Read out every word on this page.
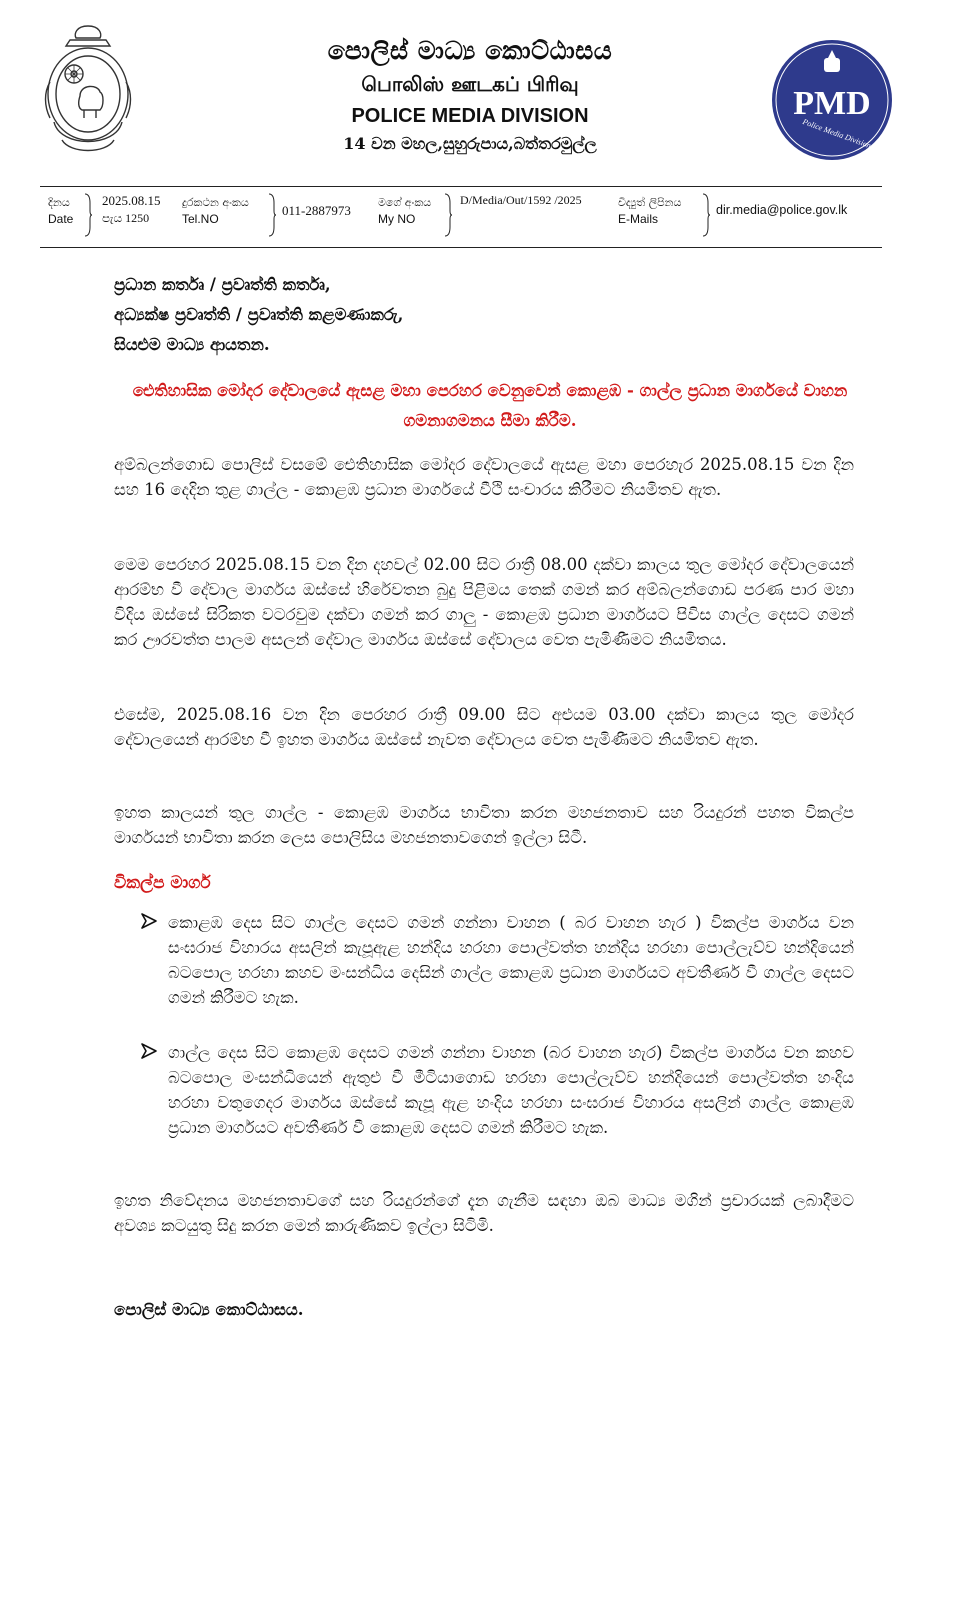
පොලිස් මාධ්‍ය කොට්ඨාසය

பொலிஸ் ஊடகப் பிரிவு

POLICE MEDIA DIVISION

14 වන මහල,සුහුරුපාය,බත්තරමුල්ල

PMD
Police Media Division
දිනය
Date
2025.08.15
පැය 1250
දුරකථන අංකය
Tel.NO
011-2887973
මගේ අංකය
My NO
D/Media/Out/1592 /2025	විද්‍යුත් ලිපිනය
E-Mails
dir.media@police.gov.lk
ප්‍රධාන කර්තෘ / ප්‍රවෘත්ති කර්තෘ,
අධ්‍යක්ෂ ප්‍රවෘත්ති / ප්‍රවෘත්ති කළමණාකරු,
සියළුම මාධ්‍ය ආයතන.
ඓතිහාසික මෝදර දේවාලයේ ඇසළ මහා පෙරහර වෙනුවෙන් කොළඹ - ගාල්ල ප්‍රධාන මාර්ගයේ වාහන ගමනාගමනය සීමා කිරීම.
අම්බලන්ගොඩ පොලිස් වසමේ ඓතිහාසික මෝදර දේවාලයේ ඇසළ මහා පෙරහැර 2025.08.15 වන දින සහ 16 දෙදින තුළ ගාල්ල - කොළඹ ප්‍රධාන මාර්ගයේ වීථි සංචාරය කිරීමට නියමිතව ඇත.
මෙම පෙරහර 2025.08.15 වන දින දහවල් 02.00 සිට රාත්‍රී 08.00 දක්වා කාලය තුල මෝදර දේවාලයෙන් ආරම්භ වී දේවාල මාර්ගය ඔස්සේ හිරේවතන බුදු පිළිමය තෙක් ගමන් කර අම්බලන්ගොඩ පරණ පාර මහා විදිය ඔස්සේ සිරිකත වටරවුම දක්වා ගමන් කර ගාලු - කොළඹ ප්‍රධාන මාර්ගයට පිවිස ගාල්ල දෙසට ගමන් කර ඌරවත්ත පාලම අසලන් දේවාල මාර්ගය ඔස්සේ දේවාලය වෙත පැමිණීමට නියමිතය.
එසේම, 2025.08.16 වන දින පෙරහර රාත්‍රී 09.00 සිට අළුයම 03.00 දක්වා කාලය තුල මෝදර දේවාලයෙන් ආරම්භ වී ඉහත මාර්ගය ඔස්සේ නැවත දේවාලය වෙත පැමිණීමට නියමිතව ඇත.
ඉහත කාලයන් තුල ගාල්ල - කොළඹ මාර්ගය භාවිතා කරන මහජනතාව සහ රියදුරන් පහත විකල්ප මාර්ගයන් භාවිතා කරන ලෙස පොලිසිය මහජනතාවගෙන් ඉල්ලා සිටී.
විකල්ප මාර්ග
කොළඹ දෙස සිට ගාල්ල දෙසට ගමන් ගන්නා වාහන ( බර වාහන හැර ) විකල්ප මාර්ගය වන සංඝරාජ විහාරය අසලින් කැපූඇළ හන්දිය හරහා පොල්වත්ත හන්දිය හරහා පොල්ලැව්ව හන්දියෙන් බටපොල හරහා කහව මංසන්ධිය දෙසින් ගාල්ල කොළඹ ප්‍රධාන මාර්ගයට අවතීර්ණ වී ගාල්ල දෙසට ගමන් කිරීමට හැක.
ගාල්ල දෙස සිට කොළඹ දෙසට ගමන් ගන්නා වාහන (බර වාහන හැර) විකල්ප මාර්ගය වන කහව බටපොල මංසන්ධියෙන් ඇතුළු වී මීටියාගොඩ හරහා පොල්ලැව්ව හන්දියෙන් පොල්වත්ත හංදිය හරහා වතුගෙදර මාර්ගය ඔස්සේ කැපූ ඇළ හංදිය හරහා සංඝරාජ විහාරය අසලින් ගාල්ල කොළඹ ප්‍රධාන මාර්ගයට අවතීර්ණ වී කොළඹ දෙසට ගමන් කිරීමට හැක.
ඉහත නිවේදනය මහජනතාවගේ සහ රියදුරන්ගේ දැන ගැනීම සඳහා ඔබ මාධ්‍ය මගින් ප්‍රචාරයක් ලබාදීමට අවශ්‍ය කටයුතු සිදු කරන මෙන් කාරුණිකව ඉල්ලා සිටිමි.
පොලිස් මාධ්‍ය කොට්ඨාසය.
